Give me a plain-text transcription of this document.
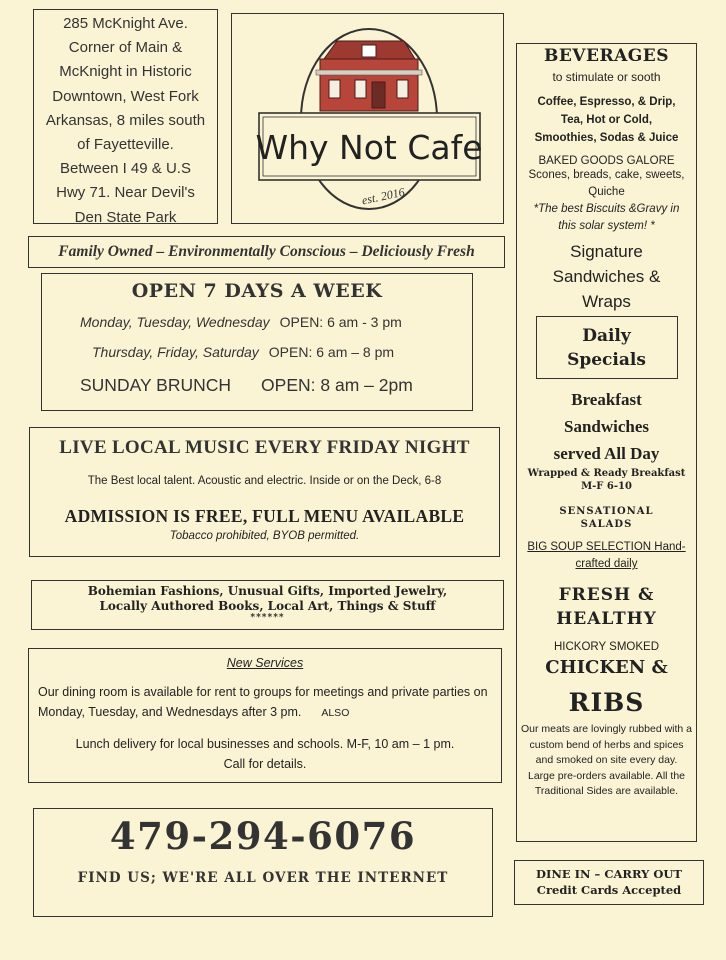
285 McKnight Ave.
Corner of Main &
McKnight in Historic
Downtown, West Fork
Arkansas, 8 miles south
of Fayetteville.
Between I 49 & U.S
Hwy 71. Near Devil's
Den State Park
Why Not Cafe
est. 2016
Family Owned – Environmentally Conscious – Deliciously Fresh
OPEN 7 DAYS A WEEK
Monday, Tuesday, Wednesday OPEN: 6 am - 3 pm
Thursday, Friday, Saturday OPEN: 6 am – 8 pm
SUNDAY BRUNCH OPEN: 8 am – 2pm
LIVE LOCAL MUSIC EVERY FRIDAY NIGHT
The Best local talent. Acoustic and electric. Inside or on the Deck, 6-8
ADMISSION IS FREE, FULL MENU AVAILABLE
Tobacco prohibited, BYOB permitted.
Bohemian Fashions, Unusual Gifts, Imported Jewelry,
Locally Authored Books, Local Art, Things & Stuff
******
New Services
Our dining room is available for rent to groups for meetings and private parties on Monday, Tuesday, and Wednesdays after 3 pm. ALSO
Lunch delivery for local businesses and schools. M-F, 10 am – 1 pm.
Call for details.
479-294-6076
FIND US; WE'RE ALL OVER THE INTERNET
BEVERAGES
to stimulate or sooth
Coffee, Espresso, & Drip,
Tea, Hot or Cold,
Smoothies, Sodas & Juice
BAKED GOODS GALORE
Scones, breads, cake, sweets,
Quiche
*The best Biscuits &Gravy in
this solar system! *
Signature
Sandwiches &
Wraps
Daily
Specials
Breakfast
Sandwiches
served All Day
Wrapped & Ready Breakfast
M-F 6-10
SENSATIONAL
SALADS
BIG SOUP SELECTION Hand-
crafted daily
FRESH &
HEALTHY
HICKORY SMOKED
CHICKEN &
RIBS
Our meats are lovingly rubbed with a custom bend of herbs and spices and smoked on site every day. Large pre-orders available. All the Traditional Sides are available.
DINE IN – CARRY OUT
Credit Cards Accepted
